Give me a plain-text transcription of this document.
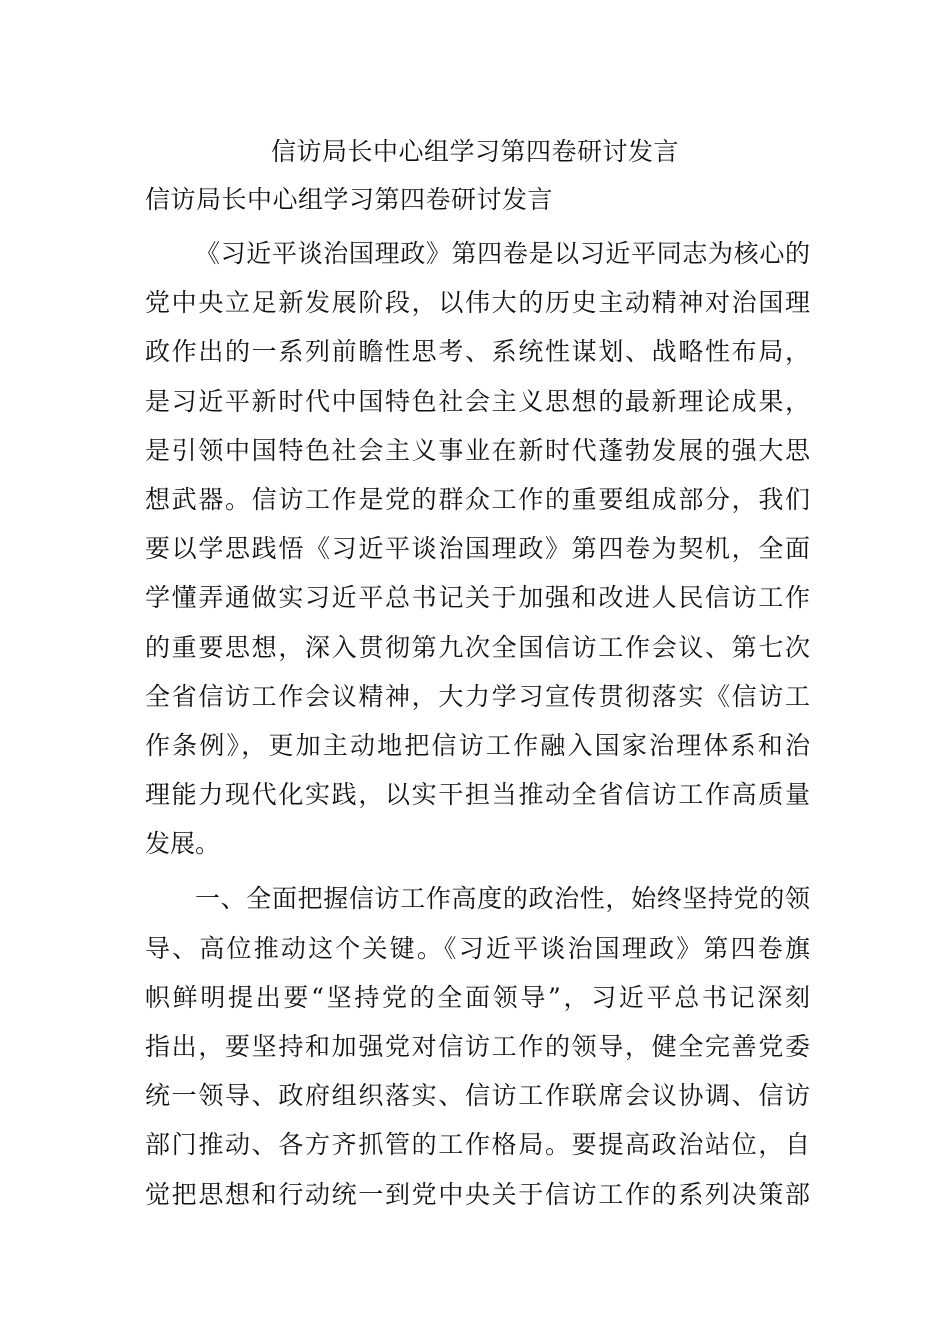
信访局长中心组学习第四卷研讨发言
信访局长中心组学习第四卷研讨发言
《习近平谈治国理政》第四卷是以习近平同志为核心的
党中央立足新发展阶段，以伟大的历史主动精神对治国理
政作出的一系列前瞻性思考、系统性谋划、战略性布局，
是习近平新时代中国特色社会主义思想的最新理论成果，
是引领中国特色社会主义事业在新时代蓬勃发展的强大思
想武器。信访工作是党的群众工作的重要组成部分，我们
要以学思践悟《习近平谈治国理政》第四卷为契机，全面
学懂弄通做实习近平总书记关于加强和改进人民信访工作
的重要思想，深入贯彻第九次全国信访工作会议、第七次
全省信访工作会议精神，大力学习宣传贯彻落实《信访工
作条例》，更加主动地把信访工作融入国家治理体系和治
理能力现代化实践，以实干担当推动全省信访工作高质量
发展。
一、全面把握信访工作高度的政治性，始终坚持党的领
导、高位推动这个关键。《习近平谈治国理政》第四卷旗
帜鲜明提出要“坚持党的全面领导”，习近平总书记深刻
指出，要坚持和加强党对信访工作的领导，健全完善党委
统一领导、政府组织落实、信访工作联席会议协调、信访
部门推动、各方齐抓管的工作格局。要提高政治站位，自
觉把思想和行动统一到党中央关于信访工作的系列决策部
